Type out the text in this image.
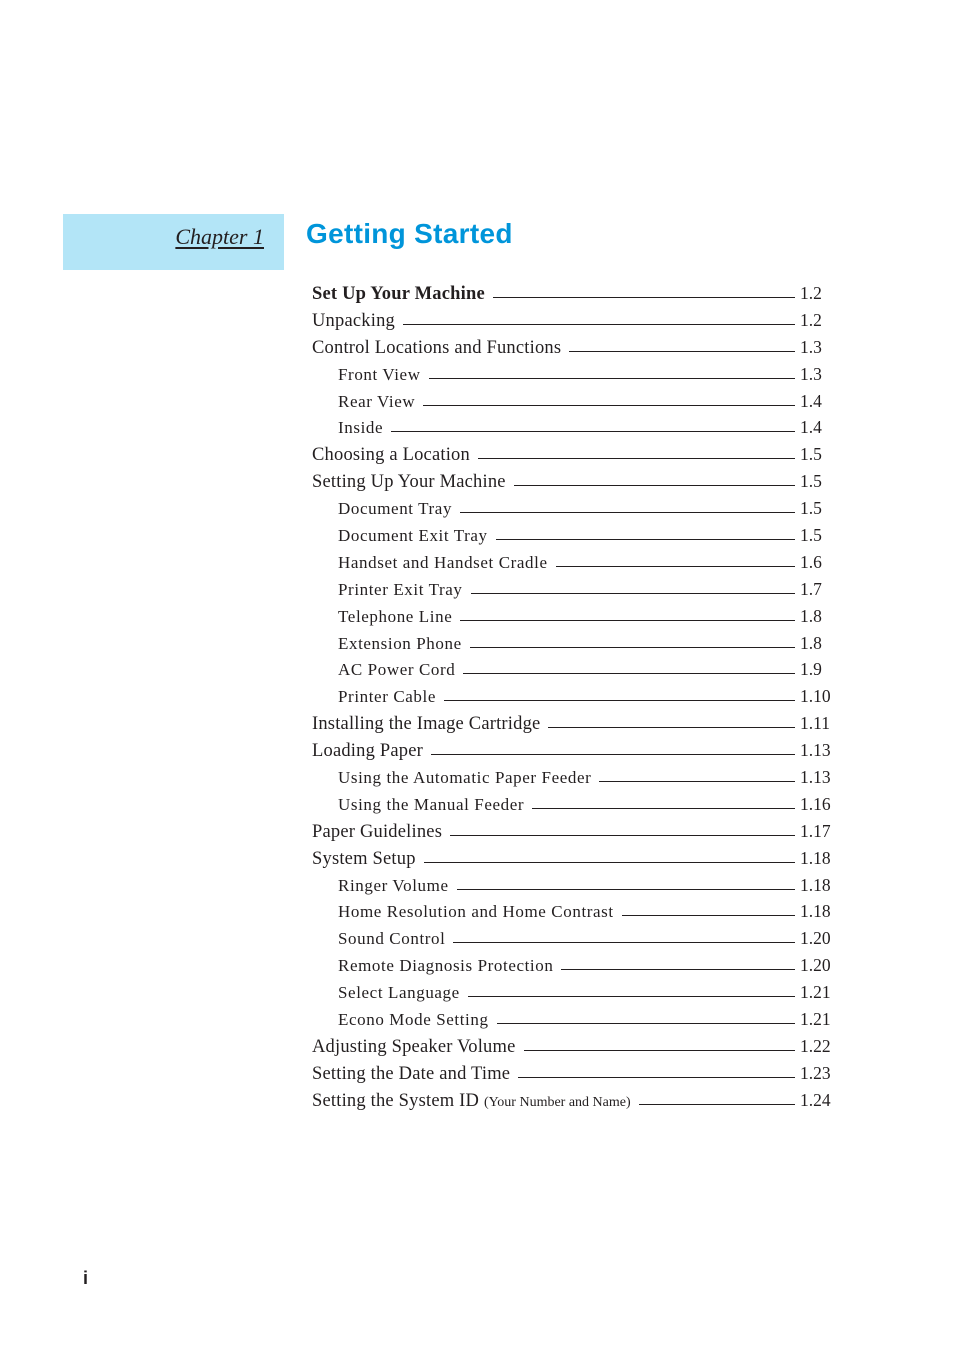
Chapter 1 Getting Started
Set Up Your Machine	1.2
Unpacking	1.2
Control Locations and Functions	1.3
Front View	1.3
Rear View	1.4
Inside	1.4
Choosing a Location	1.5
Setting Up Your Machine	1.5
Document Tray	1.5
Document Exit Tray	1.5
Handset and Handset Cradle	1.6
Printer Exit Tray	1.7
Telephone Line	1.8
Extension Phone	1.8
AC Power Cord	1.9
Printer Cable	1.10
Installing the Image Cartridge	1.11
Loading Paper	1.13
Using the Automatic Paper Feeder	1.13
Using the Manual Feeder	1.16
Paper Guidelines	1.17
System Setup	1.18
Ringer Volume	1.18
Home Resolution and Home Contrast	1.18
Sound Control	1.20
Remote Diagnosis Protection	1.20
Select Language	1.21
Econo Mode Setting	1.21
Adjusting Speaker Volume	1.22
Setting the Date and Time	1.23
Setting the System ID (Your Number and Name)	1.24
i
